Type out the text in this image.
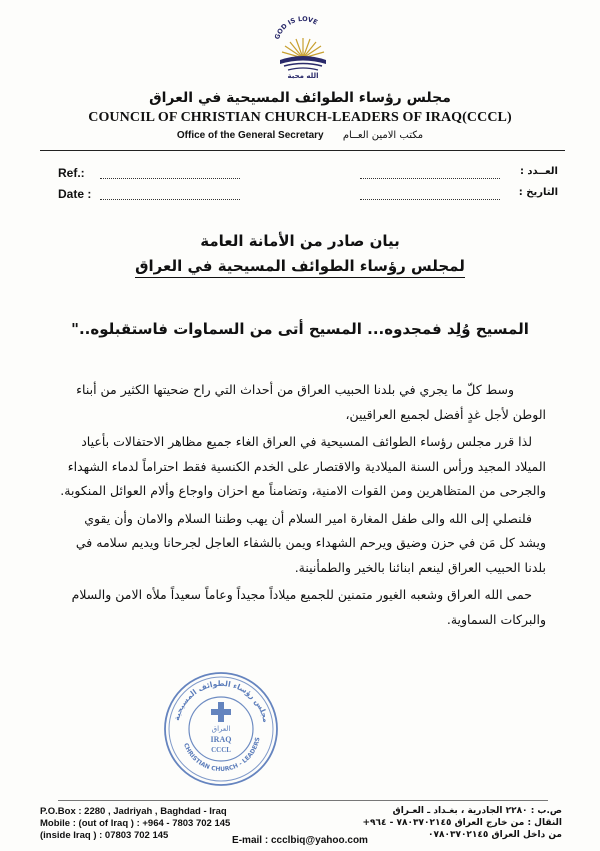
GOD IS LOVE
الله محبة
مجلس رؤساء الطوائف المسيحية في العراق
COUNCIL OF CHRISTIAN CHURCH-LEADERS OF IRAQ(CCCL)
Office of the General Secretary مكتب الامين العــام
Ref.:
Date :
العــدد :
التاريخ :
بيان صادر من الأمانة العامة
لمجلس رؤساء الطوائف المسيحية في العراق
المسيح وُلِد فمجدوه... المسيح أتى من السماوات فاستقبلوه.."

وسط كلّ ما يجري في بلدنا الحبيب العراق من أحداث التي راح ضحيتها الكثير من أبناء الوطن لأجل غدٍ أفضل لجميع العراقيين،

لذا قرر مجلس رؤساء الطوائف المسيحية في العراق الغاء جميع مظاهر الاحتفالات بأعياد الميلاد المجيد ورأس السنة الميلادية والاقتصار على الخدم الكنسية فقط احتراماً لدماء الشهداء والجرحى من المتظاهرين ومن القوات الامنية، وتضامناً مع احزان واوجاع وألام العوائل المنكوبة.

فلنصلي إلى الله والى طفل المغارة امير السلام أن يهب وطننا السلام والامان وأن يقوي ويشد كل مَن في حزن وضيق ويرحم الشهداء ويمن بالشفاء العاجل لجرحانا ويديم سلامه في بلدنا الحبيب العراق لينعم ابنائنا بالخير والطمأنينة.

حمى الله العراق وشعبه الغيور متمنين للجميع ميلاداً مجيداً وعاماً سعيداً ملأه الامن والسلام والبركات السماوية.

مجلس رؤساء الطوائف المسيحية
CHRISTIAN CHURCH - LEADERS
العراق
IRAQ
CCCL
P.O.Box : 2280 , Jadriyah , Baghdad - Iraq
Mobile : (out of Iraq ) : +964 - 7803 702 145
(inside Iraq ) : 07803 702 145
ص.ب : ٢٢٨٠ الجادرية ، بغـداد ـ العـراق
النقال : من خارج العراق ٧٨٠٣٧٠٢١٤٥ - ٩٦٤+
من داخل العراق ٠٧٨٠٣٧٠٢١٤٥
E-mail : ccclbiq@yahoo.com
